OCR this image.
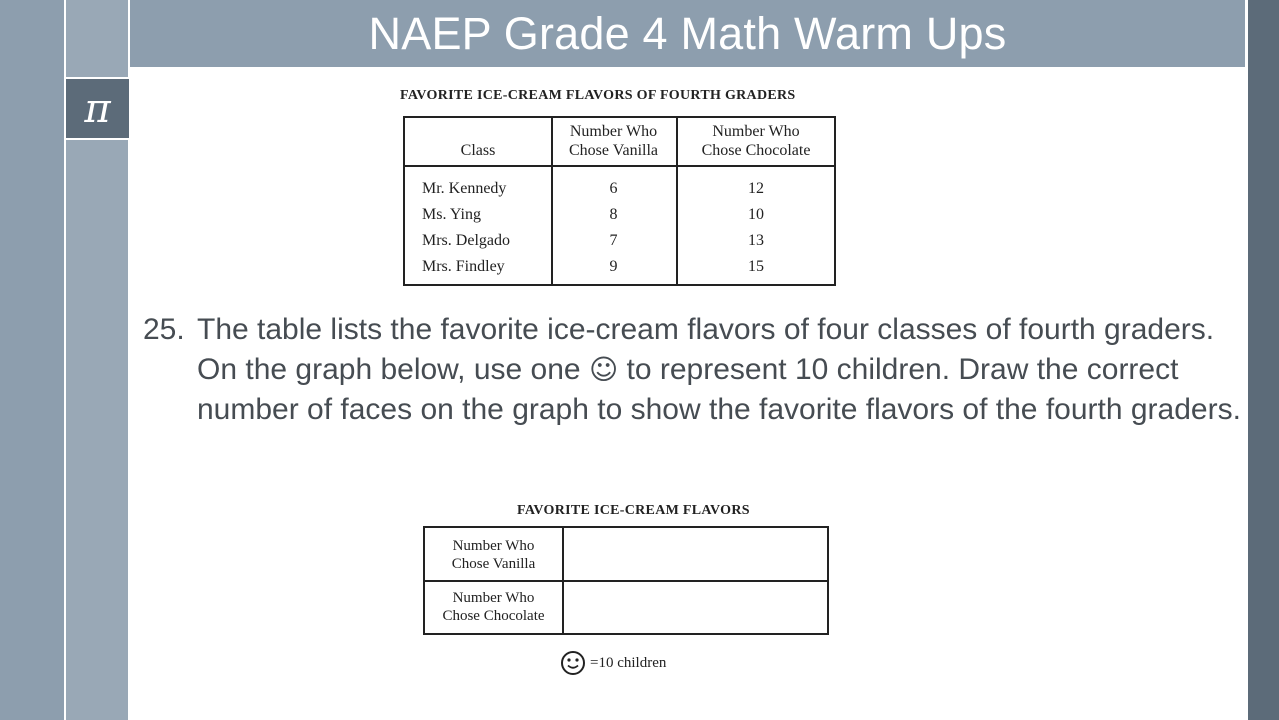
π
NAEP Grade 4 Math Warm Ups
FAVORITE ICE-CREAM FLAVORS OF FOURTH GRADERS
Class
Number Who
Chose Vanilla
Number Who
Chose Chocolate
Mr. Kennedy	6	12
Ms. Ying	8	10
Mrs. Delgado	7	13
Mrs. Findley	9	15
25. The table lists the favorite ice-cream flavors of four classes of fourth graders. On the graph below, use one ☺ to represent 10 children. Draw the correct number of faces on the graph to show the favorite flavors of the fourth graders.
FAVORITE ICE-CREAM FLAVORS
Number Who
Chose Vanilla
Number Who
Chose Chocolate
=10 children
